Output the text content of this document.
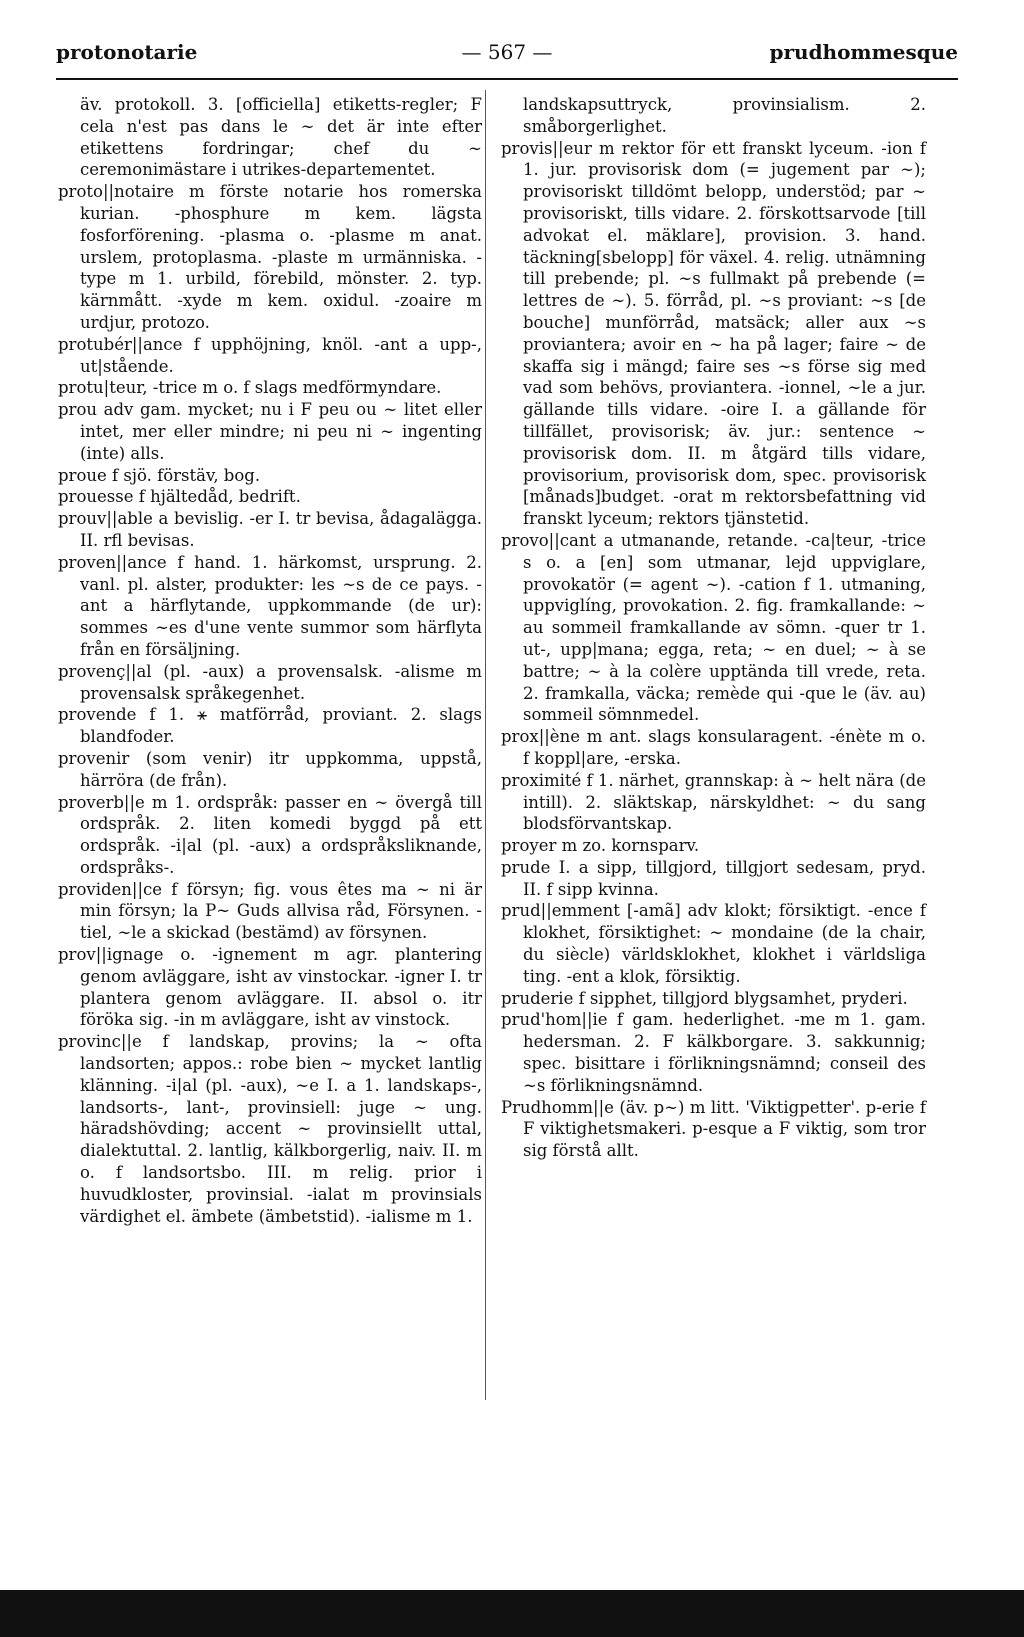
protonotarie	— 567 —	prudhommesque

äv. protokoll. 3. [officiella] etiketts-regler; F cela n'est pas dans le ∼ det är inte efter etikettens fordringar; chef du ∼ ceremonimästare i utrikes-departementet.

proto||notaire m förste notarie hos romerska kurian. -phosphure m kem. lägsta fosforförening. -plasma o. -plasme m anat. urslem, protoplasma. -plaste m urmänniska. -type m 1. urbild, förebild, mönster. 2. typ. kärnmått. -xyde m kem. oxidul. -zoaire m urdjur, protozo.

protubér||ance f upphöjning, knöl. -ant a upp-, ut|stående.

protu|teur, -trice m o. f slags medförmyndare.

prou adv gam. mycket; nu i F peu ou ∼ litet eller intet, mer eller mindre; ni peu ni ∼ ingenting (inte) alls.

proue f sjö. förstäv, bog.

prouesse f hjältedåd, bedrift.

prouv||able a bevislig. -er I. tr bevisa, ådagalägga. II. rfl bevisas.

proven||ance f hand. 1. härkomst, ursprung. 2. vanl. pl. alster, produkter: les ∼s de ce pays. -ant a härflytande, uppkommande (de ur): sommes ∼es d'une vente summor som härflyta från en försäljning.

provenç||al (pl. -aux) a provensalsk. -alisme m provensalsk språkegenhet.

provende f 1. ⚹ matförråd, proviant. 2. slags blandfoder.

provenir (som venir) itr uppkomma, uppstå, härröra (de från).

proverb||e m 1. ordspråk: passer en ∼ övergå till ordspråk. 2. liten komedi byggd på ett ordspråk. -i|al (pl. -aux) a ordspråksliknande, ordspråks-.

providen||ce f försyn; fig. vous êtes ma ∼ ni är min försyn; la P∼ Guds allvisa råd, Försynen. -tiel, ∼le a skickad (bestämd) av försynen.

prov||ignage o. -ignement m agr. plantering genom avläggare, isht av vinstockar. -igner I. tr plantera genom avläggare. II. absol o. itr föröka sig. -in m avläggare, isht av vinstock.

provinc||e f landskap, provins; la ∼ ofta landsorten; appos.: robe bien ∼ mycket lantlig klänning. -i|al (pl. -aux), ∼e I. a 1. landskaps-, landsorts-, lant-, provinsiell: juge ∼ ung. häradshövding; accent ∼ provinsiellt uttal, dialektuttal. 2. lantlig, kälkborgerlig, naiv. II. m o. f landsortsbo. III. m relig. prior i huvudkloster, provinsial. -ialat m provinsials värdighet el. ämbete (ämbetstid). -ialisme m 1.

landskapsuttryck, provinsialism. 2. småborgerlighet.

provis||eur m rektor för ett franskt lyceum. -ion f 1. jur. provisorisk dom (= jugement par ∼); provisoriskt tilldömt belopp, understöd; par ∼ provisoriskt, tills vidare. 2. förskottsarvode [till advokat el. mäklare], provision. 3. hand. täckning[sbelopp] för växel. 4. relig. utnämning till prebende; pl. ∼s fullmakt på prebende (= lettres de ∼). 5. förråd, pl. ∼s proviant: ∼s [de bouche] munförråd, matsäck; aller aux ∼s proviantera; avoir en ∼ ha på lager; faire ∼ de skaffa sig i mängd; faire ses ∼s förse sig med vad som behövs, proviantera. -ionnel, ∼le a jur. gällande tills vidare. -oire I. a gällande för tillfället, provisorisk; äv. jur.: sentence ∼ provisorisk dom. II. m åtgärd tills vidare, provisorium, provisorisk dom, spec. provisorisk [månads]budget. -orat m rektorsbefattning vid franskt lyceum; rektors tjänstetid.

provo||cant a utmanande, retande. -ca|teur, -trice s o. a [en] som utmanar, lejd uppviglare, provokatör (= agent ∼). -cation f 1. utmaning, uppviglíng, provokation. 2. fig. framkallande: ∼ au sommeil framkallande av sömn. -quer tr 1. ut-, upp|mana; egga, reta; ∼ en duel; ∼ à se battre; ∼ à la colère upptända till vrede, reta. 2. framkalla, väcka; remède qui -que le (äv. au) sommeil sömnmedel.

prox||ène m ant. slags konsularagent. -énète m o. f koppl|are, -erska.

proximité f 1. närhet, grannskap: à ∼ helt nära (de intill). 2. släktskap, närskyldhet: ∼ du sang blodsförvantskap.

proyer m zo. kornsparv.

prude I. a sipp, tillgjord, tillgjort sedesam, pryd. II. f sipp kvinna.

prud||emment [-amã] adv klokt; försiktigt. -ence f klokhet, försiktighet: ∼ mondaine (de la chair, du siècle) världsklokhet, klokhet i världsliga ting. -ent a klok, försiktig.

pruderie f sipphet, tillgjord blygsamhet, pryderi.

prud'hom||ie f gam. hederlighet. -me m 1. gam. hedersman. 2. F kälkborgare. 3. sakkunnig; spec. bisittare i förlikningsnämnd; conseil des ∼s förlikningsnämnd.

Prudhomm||e (äv. p∼) m litt. 'Viktigpetter'. p-erie f F viktighetsmakeri. p-esque a F viktig, som tror sig förstå allt.
